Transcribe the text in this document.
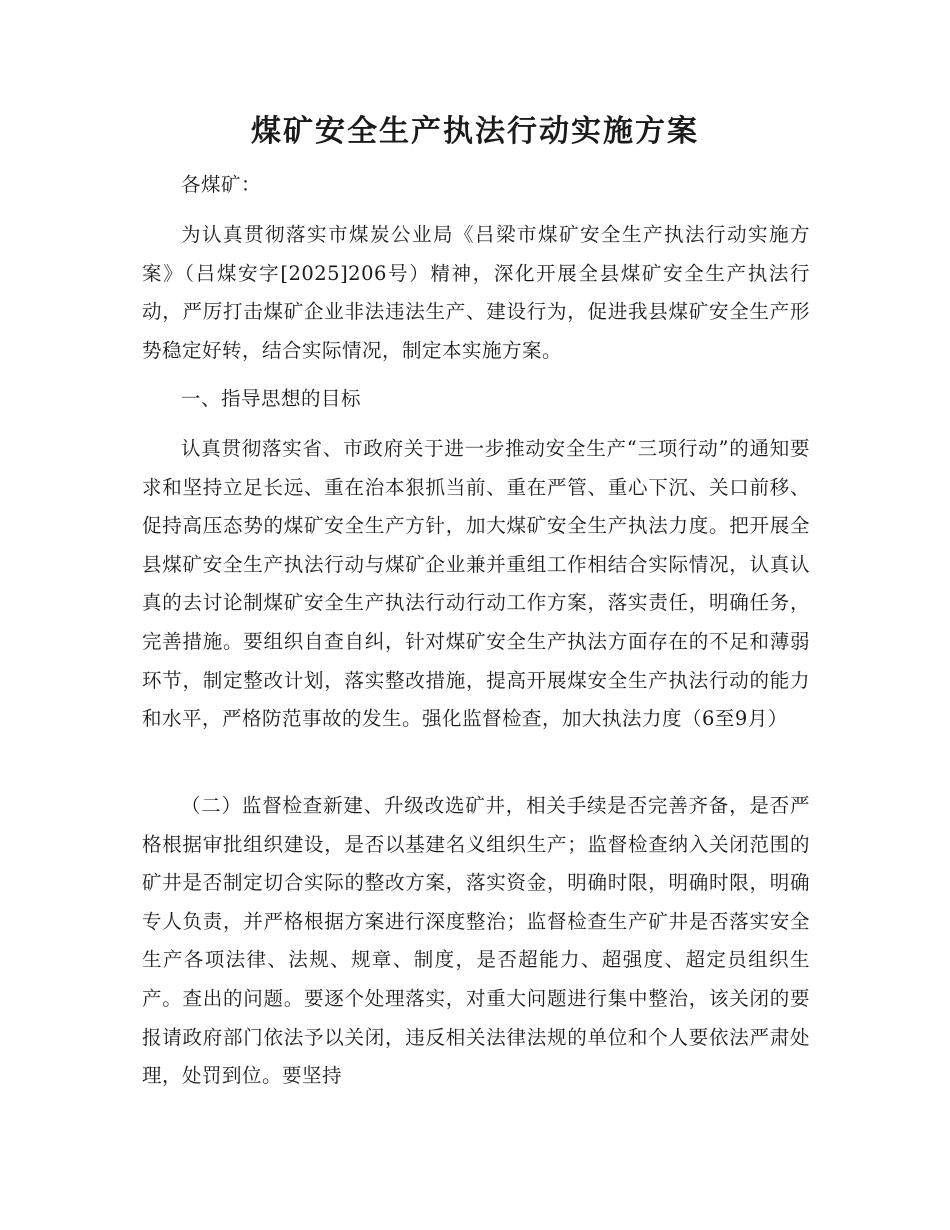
煤矿安全生产执法行动实施方案

各煤矿：

为认真贯彻落实市煤炭公业局《吕梁市煤矿安全生产执法行动实施方案》（吕煤安字[2025]206号）精神，深化开展全县煤矿安全生产执法行动，严厉打击煤矿企业非法违法生产、建设行为，促进我县煤矿安全生产形势稳定好转，结合实际情况，制定本实施方案。

一、指导思想的目标

认真贯彻落实省、市政府关于进一步推动安全生产“三项行动”的通知要求和坚持立足长远、重在治本狠抓当前、重在严管、重心下沉、关口前移、促持高压态势的煤矿安全生产方针，加大煤矿安全生产执法力度。把开展全县煤矿安全生产执法行动与煤矿企业兼并重组工作相结合实际情况，认真认真的去讨论制煤矿安全生产执法行动行动工作方案，落实责任，明确任务，完善措施。要组织自查自纠，针对煤矿安全生产执法方面存在的不足和薄弱环节，制定整改计划，落实整改措施，提高开展煤安全生产执法行动的能力和水平，严格防范事故的发生。强化监督检查，加大执法力度（6至9月）

（二）监督检查新建、升级改选矿井，相关手续是否完善齐备，是否严格根据审批组织建设，是否以基建名义组织生产；监督检查纳入关闭范围的矿井是否制定切合实际的整改方案，落实资金，明确时限，明确时限，明确专人负责，并严格根据方案进行深度整治；监督检查生产矿井是否落实安全生产各项法律、法规、规章、制度，是否超能力、超强度、超定员组织生产。查出的问题。要逐个处理落实，对重大问题进行集中整治，该关闭的要报请政府部门依法予以关闭，违反相关法律法规的单位和个人要依法严肃处理，处罚到位。要坚持
